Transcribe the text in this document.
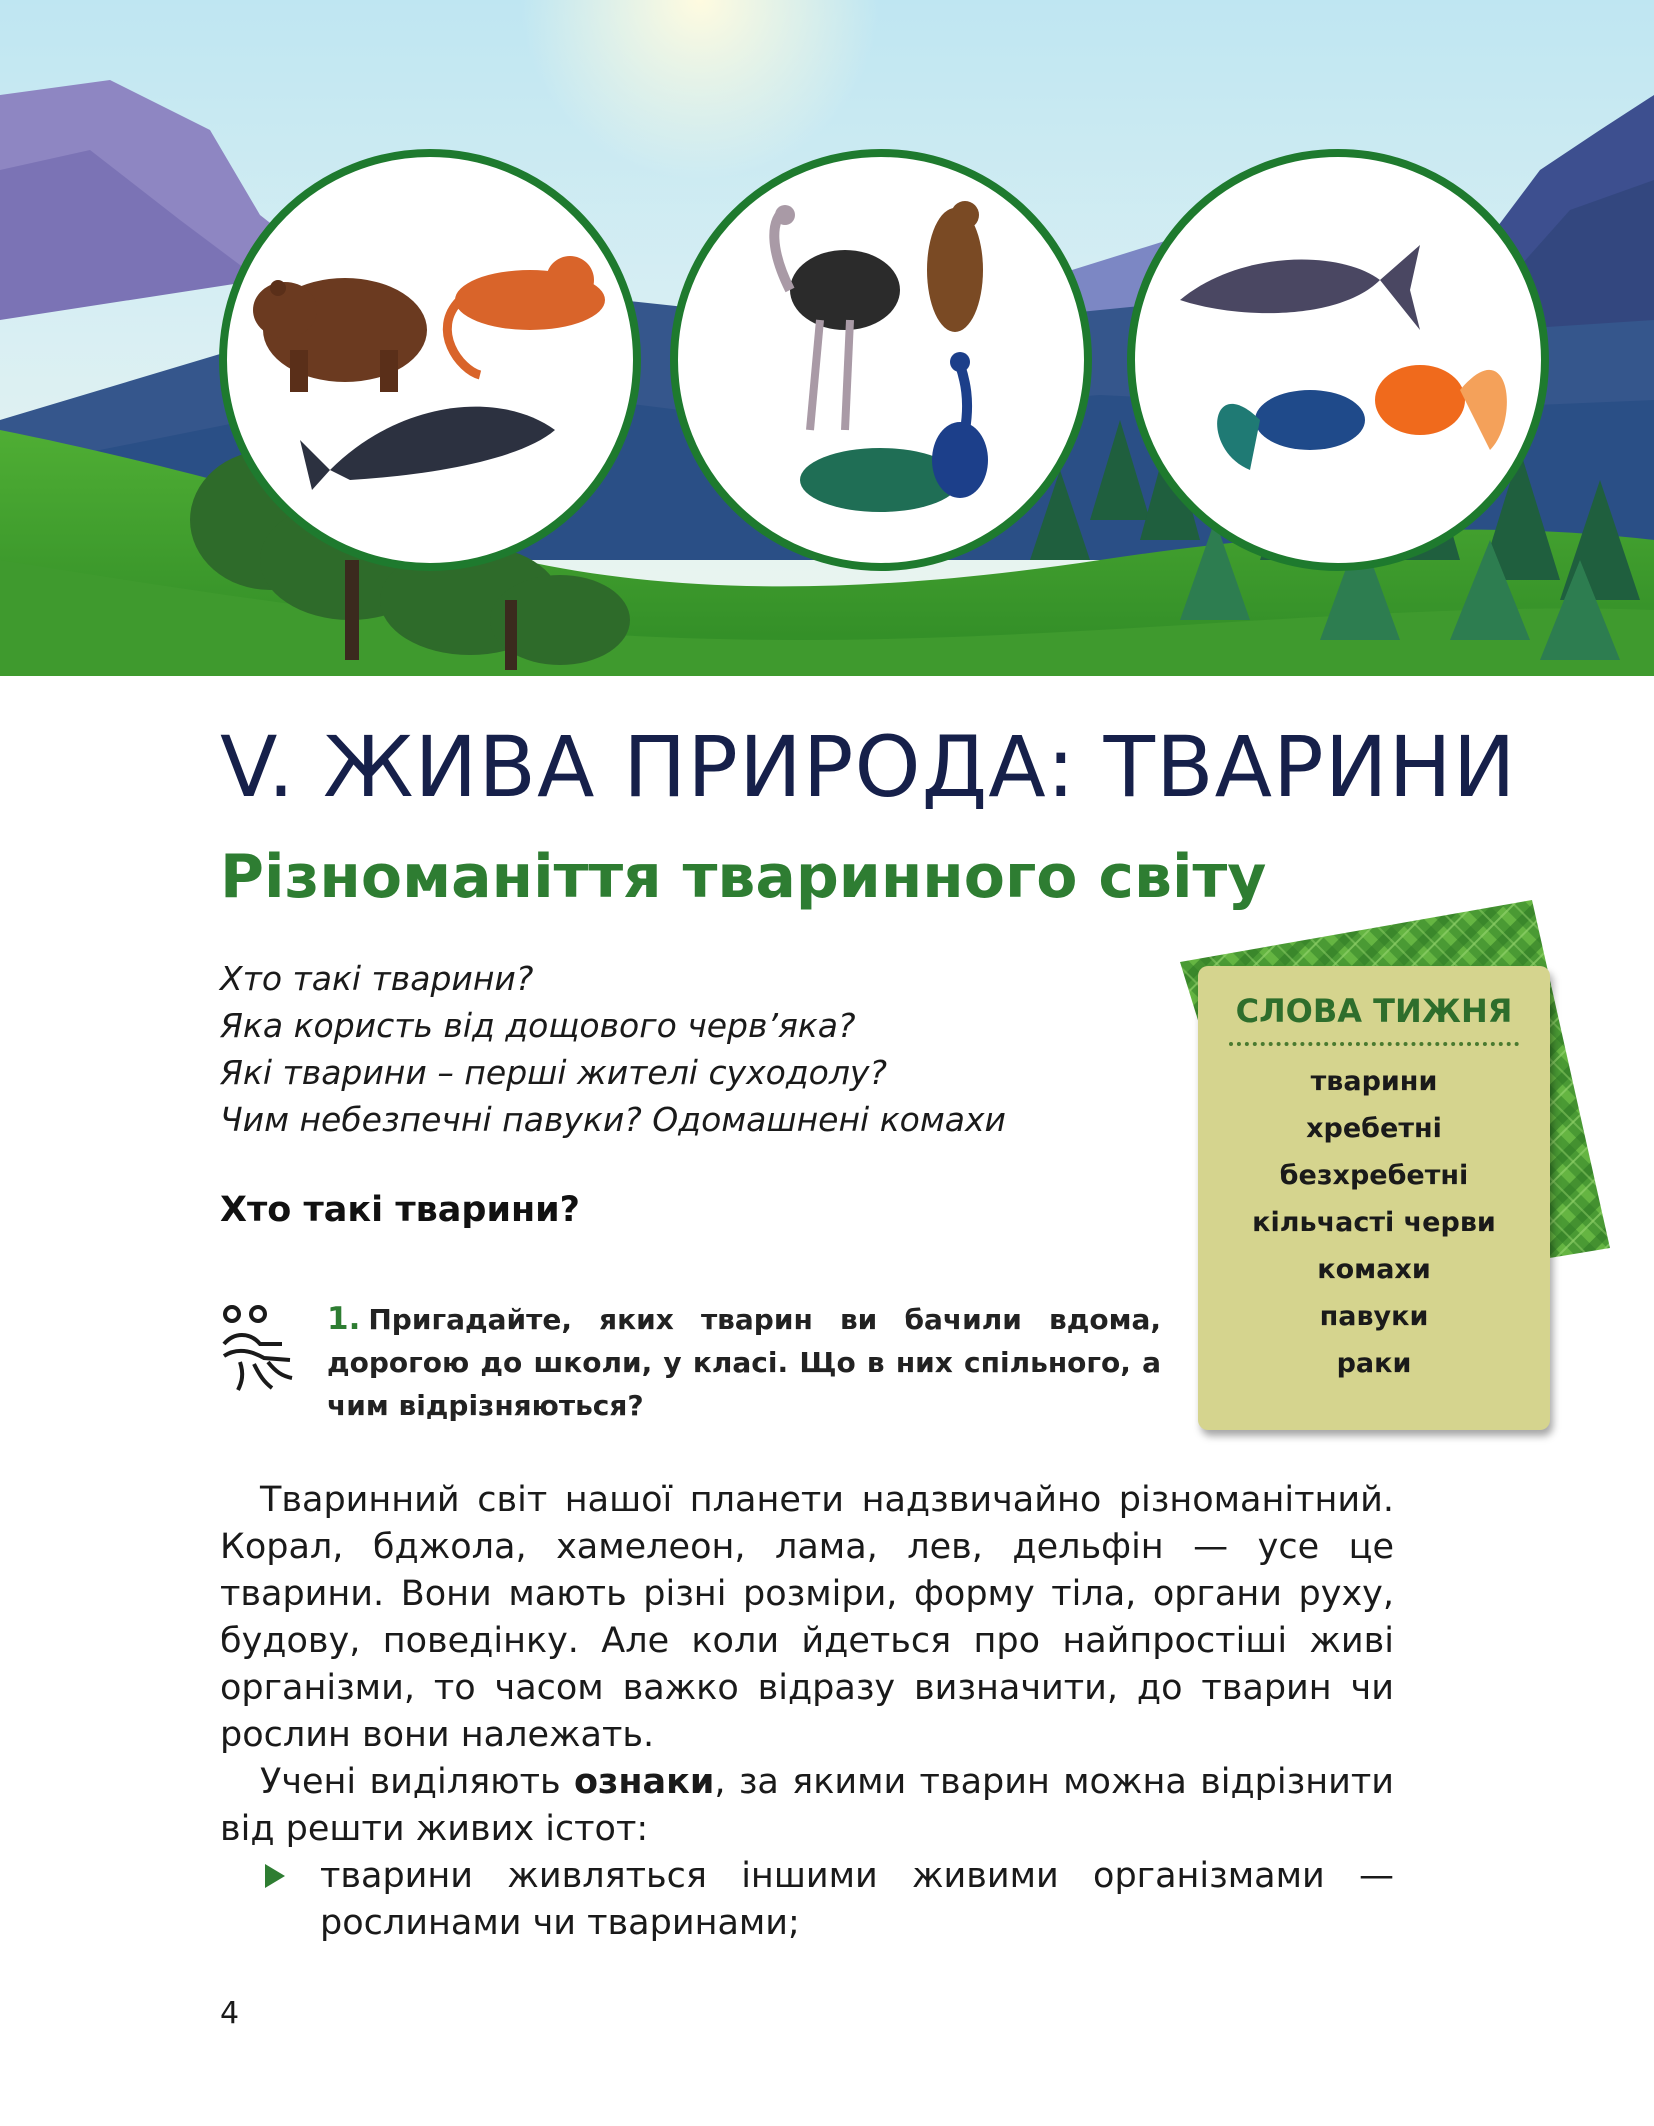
V. ЖИВА ПРИРОДА: ТВАРИНИ
Різноманіття тваринного світу
Хто такі тварини?
Яка користь від дощового черв’яка?
Які тварини – перші жителі суходолу?
Чим небезпечні павуки? Одомашнені комахи
Хто такі тварини?
1. Пригадайте, яких тварин ви бачили вдома, дорогою до школи, у класі. Що в них спільного, а чим відрізняються?
СЛОВА ТИЖНЯ
тварини
хребетні
безхребетні
кільчасті черви
комахи
павуки
раки

Тваринний світ нашої планети надзвичайно різноманітний. Корал, бджола, хамелеон, лама, лев, дельфін — усе це тварини. Вони мають різні розміри, форму тіла, органи руху, будову, поведінку. Але коли йдеться про найпростіші живі організми, то часом важко відразу визначити, до тварин чи рослин вони належать.

Учені виділяють ознаки, за якими тварин можна відрізнити від решти живих істот:

тварини живляться іншими живими організмами — рослинами чи тваринами;
4
